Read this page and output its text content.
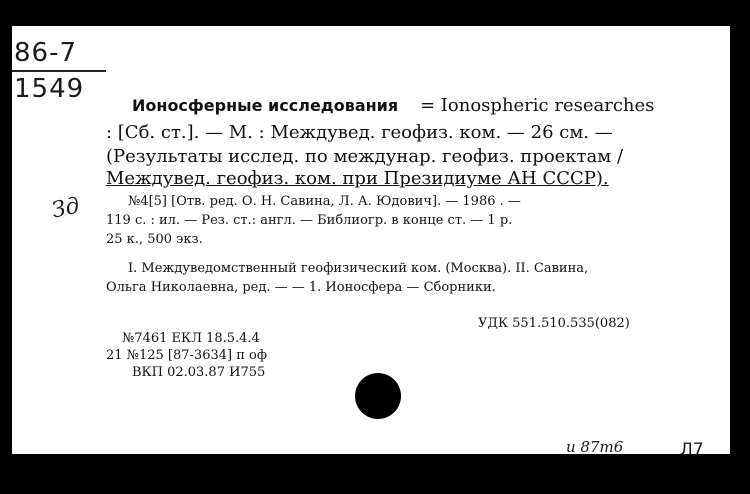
86-7
1549
Зд
Ионосферные исследования = Ionospheric researches
: [Сб. ст.]. — М. : Междувед. геофиз. ком. — 26 см. —
(Результаты исслед. по междунар. геофиз. проектам /
Междувед. геофиз. ком. при Президиуме АН СССР).
№4[5] [Отв. ред. О. Н. Савина, Л. А. Юдович]. — 1986 . —
119 с. : ил. — Рез. ст.: англ. — Библиогр. в конце ст. — 1 р.
25 к., 500 экз.
I. Междуведомственный геофизический ком. (Москва). II. Савина,
Ольга Николаевна, ред. — — 1. Ионосфера — Сборники.
УДК 551.510.535(082)
№7461 ЕКЛ 18.5.4.4
21 №125 [87-3634] п оф
ВКП 02.03.87 И755
и 87т6	Л7
